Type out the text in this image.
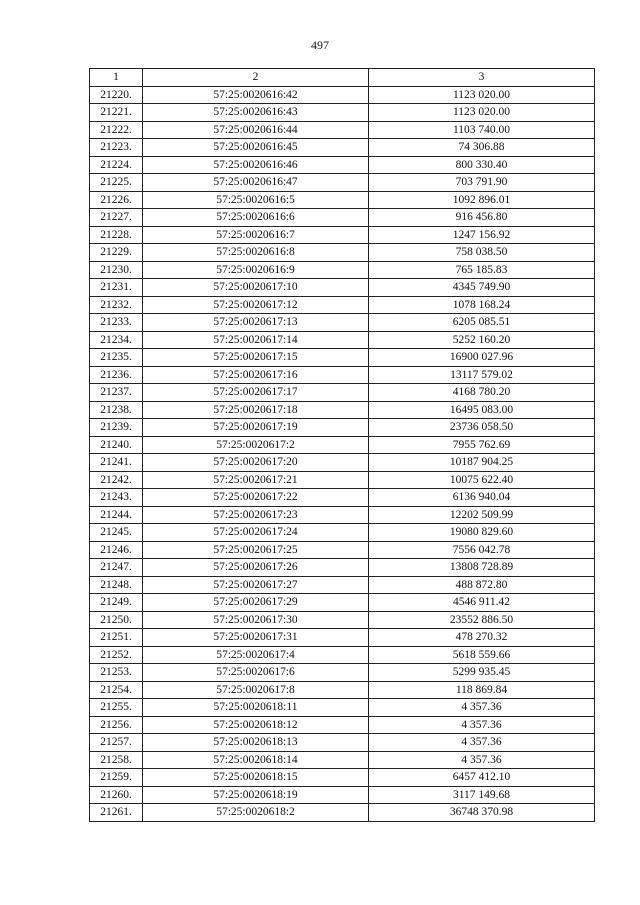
497
1	2	3
21220.	57:25:0020616:42	1123 020.00
21221.	57:25:0020616:43	1123 020.00
21222.	57:25:0020616:44	1103 740.00
21223.	57:25:0020616:45	74 306.88
21224.	57:25:0020616:46	800 330.40
21225.	57:25:0020616:47	703 791.90
21226.	57:25:0020616:5	1092 896.01
21227.	57:25:0020616:6	916 456.80
21228.	57:25:0020616:7	1247 156.92
21229.	57:25:0020616:8	758 038.50
21230.	57:25:0020616:9	765 185.83
21231.	57:25:0020617:10	4345 749.90
21232.	57:25:0020617:12	1078 168.24
21233.	57:25:0020617:13	6205 085.51
21234.	57:25:0020617:14	5252 160.20
21235.	57:25:0020617:15	16900 027.96
21236.	57:25:0020617:16	13117 579.02
21237.	57:25:0020617:17	4168 780.20
21238.	57:25:0020617:18	16495 083.00
21239.	57:25:0020617:19	23736 058.50
21240.	57:25:0020617:2	7955 762.69
21241.	57:25:0020617:20	10187 904.25
21242.	57:25:0020617:21	10075 622.40
21243.	57:25:0020617:22	6136 940.04
21244.	57:25:0020617:23	12202 509.99
21245.	57:25:0020617:24	19080 829.60
21246.	57:25:0020617:25	7556 042.78
21247.	57:25:0020617:26	13808 728.89
21248.	57:25:0020617:27	488 872.80
21249.	57:25:0020617:29	4546 911.42
21250.	57:25:0020617:30	23552 886.50
21251.	57:25:0020617:31	478 270.32
21252.	57:25:0020617:4	5618 559.66
21253.	57:25:0020617:6	5299 935.45
21254.	57:25:0020617:8	118 869.84
21255.	57:25:0020618:11	4 357.36
21256.	57:25:0020618:12	4 357.36
21257.	57:25:0020618:13	4 357.36
21258.	57:25:0020618:14	4 357.36
21259.	57:25:0020618:15	6457 412.10
21260.	57:25:0020618:19	3117 149.68
21261.	57:25:0020618:2	36748 370.98
